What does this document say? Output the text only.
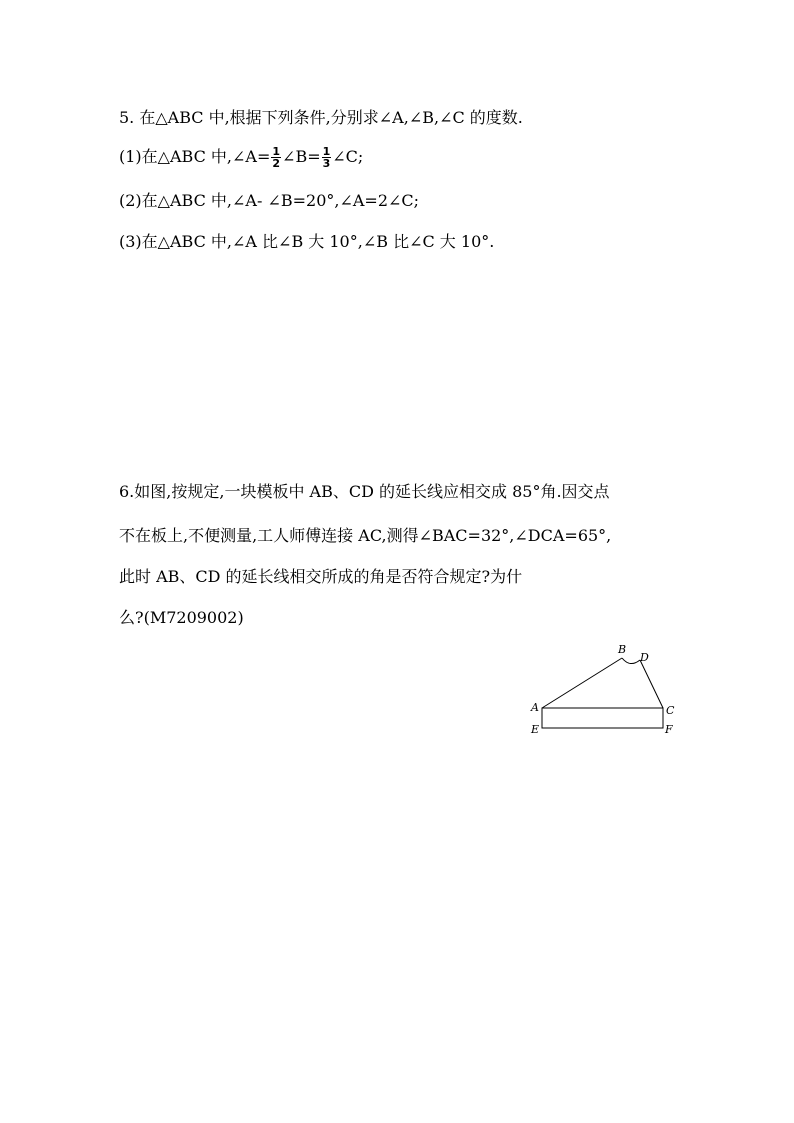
5. 在△ABC 中,根据下列条件,分别求∠A,∠B,∠C 的度数.
(1)在△ABC 中,∠A= $\frac{1}{2}$ ∠B= $\frac{1}{3}$ ∠C;
(2)在△ABC 中,∠A- ∠B=20°,∠A=2∠C;
(3)在△ABC 中,∠A 比∠B 大 10°,∠B 比∠C 大 10°.
6.如图,按规定,一块模板中 AB、CD 的延长线应相交成 85°角.因交点
不在板上,不便测量,工人师傅连接 AC,测得∠BAC=32°,∠DCA=65°,
此时 AB、CD 的延长线相交所成的角是否符合规定?为什
么?(M7209002)
B
D
A	C
E	F
